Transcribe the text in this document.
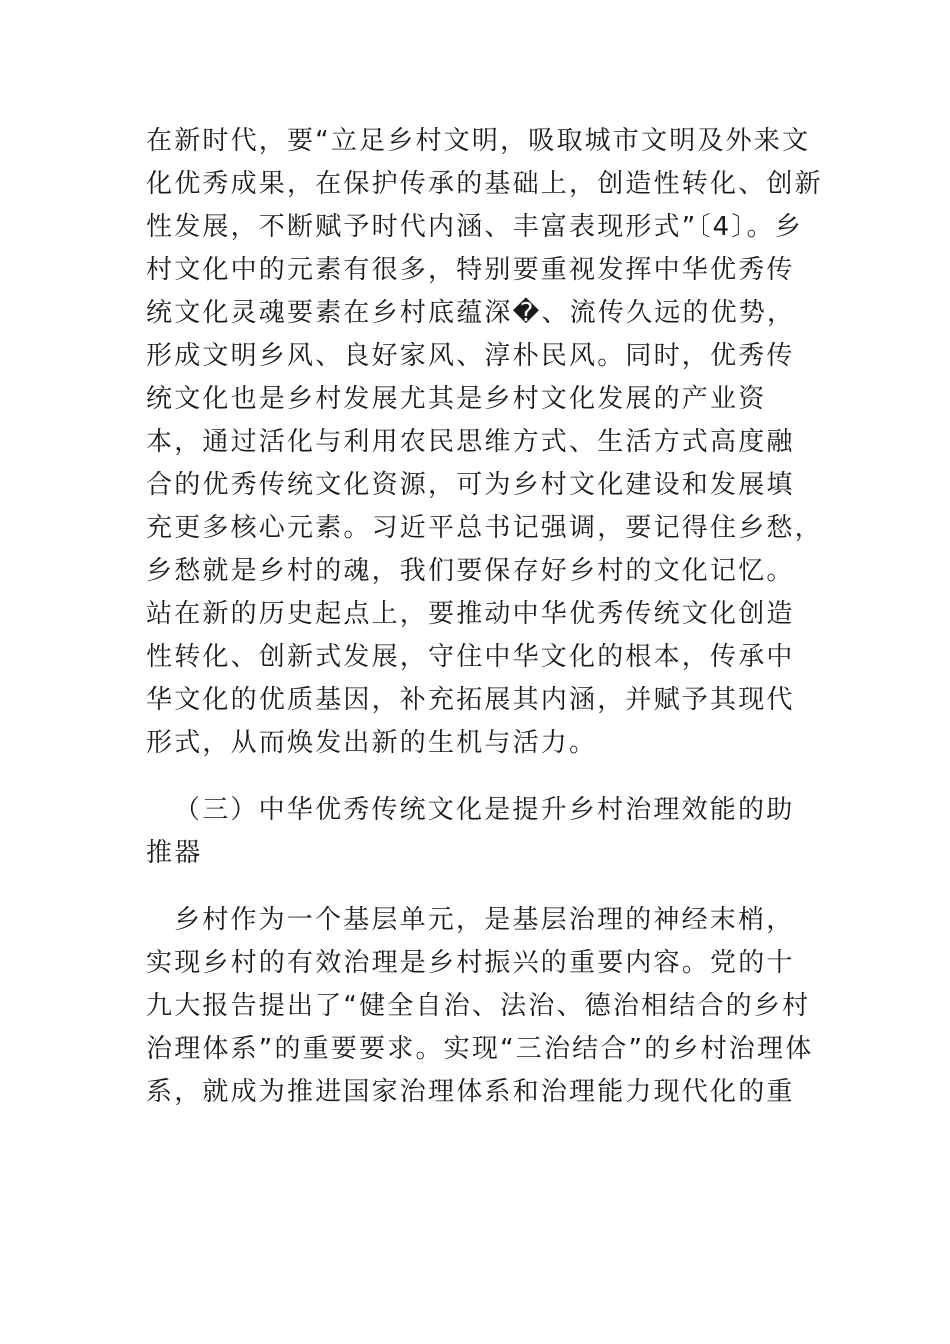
在新时代，要“立足乡村文明，吸取城市文明及外来文
化优秀成果，在保护传承的基础上，创造性转化、创新
性发展，不断赋予时代内涵、丰富表现形式”〔4〕。乡
村文化中的元素有很多，特别要重视发挥中华优秀传
统文化灵魂要素在乡村底蕴深�、流传久远的优势，
形成文明乡风、良好家风、淳朴民风。同时，优秀传
统文化也是乡村发展尤其是乡村文化发展的产业资
本，通过活化与利用农民思维方式、生活方式高度融
合的优秀传统文化资源，可为乡村文化建设和发展填
充更多核心元素。习近平总书记强调，要记得住乡愁，
乡愁就是乡村的魂，我们要保存好乡村的文化记忆。
站在新的历史起点上，要推动中华优秀传统文化创造
性转化、创新式发展，守住中华文化的根本，传承中
华文化的优质基因，补充拓展其内涵，并赋予其现代
形式，从而焕发出新的生机与活力。
（三）中华优秀传统文化是提升乡村治理效能的助
推器
乡村作为一个基层单元，是基层治理的神经末梢，
实现乡村的有效治理是乡村振兴的重要内容。党的十
九大报告提出了“健全自治、法治、德治相结合的乡村
治理体系”的重要要求。实现“三治结合”的乡村治理体
系，就成为推进国家治理体系和治理能力现代化的重
